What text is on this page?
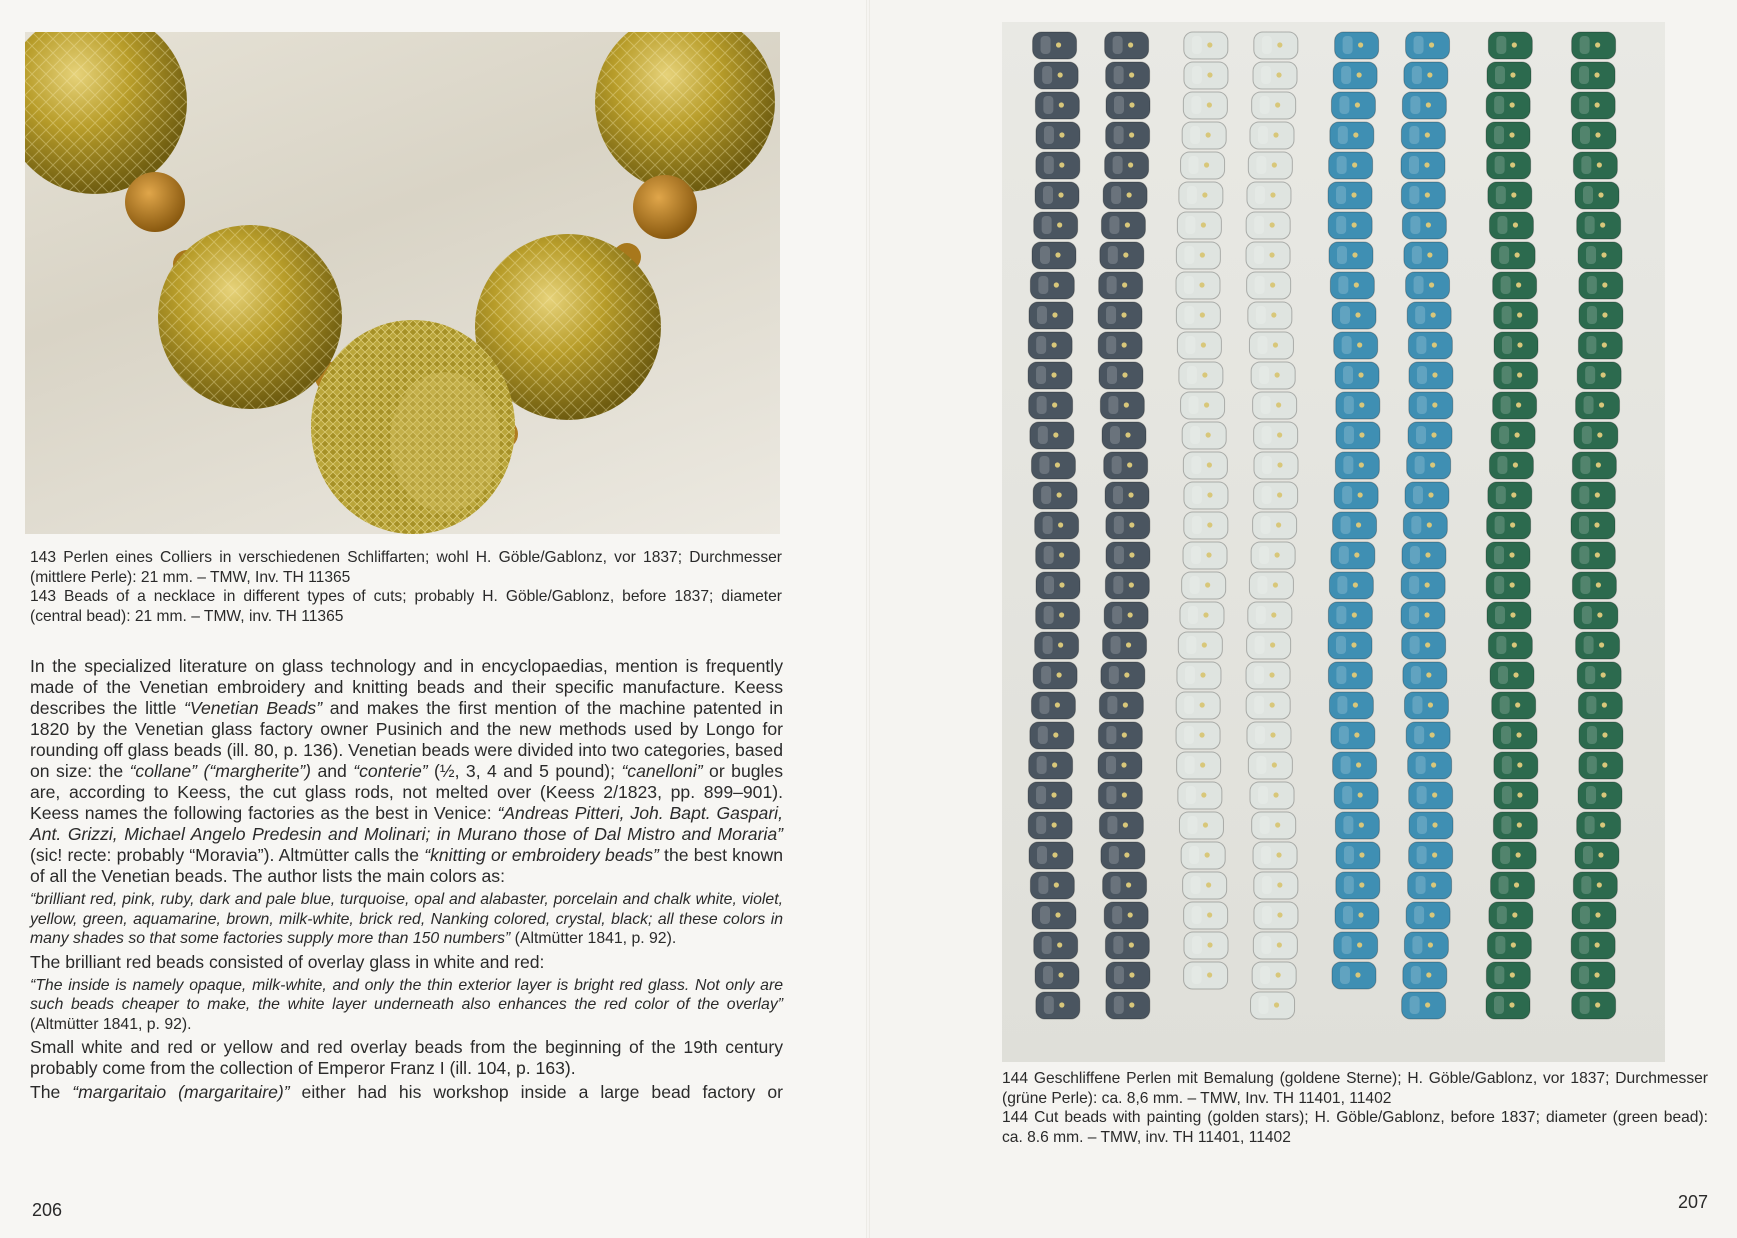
143 Perlen eines Colliers in verschiedenen Schliffarten; wohl H. Göble/Gablonz, vor 1837; Durchmesser (mittlere Perle): 21 mm. – TMW, Inv. TH 11365

143 Beads of a necklace in different types of cuts; probably H. Göble/Gablonz, before 1837; diameter (central bead): 21 mm. – TMW, inv. TH 11365

In the specialized literature on glass technology and in encyclopaedias, mention is frequently made of the Venetian embroidery and knitting beads and their specific manufacture. Keess describes the little “Venetian Beads” and makes the first mention of the machine patented in 1820 by the Venetian glass factory owner Pusinich and the new methods used by Longo for rounding off glass beads (ill. 80, p. 136). Venetian beads were divided into two categories, based on size: the “collane” (“margherite”) and “conterie” (½, 3, 4 and 5 pound); “canelloni” or bugles are, according to Keess, the cut glass rods, not melted over (Keess 2/1823, pp. 899–901). Keess names the following factories as the best in Venice: “Andreas Pitteri, Joh. Bapt. Gaspari, Ant. Grizzi, Michael Angelo Predesin and Molinari; in Murano those of Dal Mistro and Moraria” (sic! recte: probably “Moravia”). Altmütter calls the “knitting or embroidery beads” the best known of all the Venetian beads. The author lists the main colors as:

“brilliant red, pink, ruby, dark and pale blue, turquoise, opal and alabaster, porcelain and chalk white, violet, yellow, green, aquamarine, brown, milk-white, brick red, Nanking colored, crystal, black; all these colors in many shades so that some factories supply more than 150 numbers” (Altmütter 1841, p. 92).

The brilliant red beads consisted of overlay glass in white and red:

“The inside is namely opaque, milk-white, and only the thin exterior layer is bright red glass. Not only are such beads cheaper to make, the white layer underneath also enhances the red color of the overlay” (Altmütter 1841, p. 92).

Small white and red or yellow and red overlay beads from the beginning of the 19th century probably come from the collection of Emperor Franz I (ill. 104, p. 163).

The “margaritaio (margaritaire)” either had his workshop inside a large bead factory or

206

144 Geschliffene Perlen mit Bemalung (goldene Sterne); H. Göble/Gablonz, vor 1837; Durchmesser (grüne Perle): ca. 8,6 mm. – TMW, Inv. TH 11401, 11402

144 Cut beads with painting (golden stars); H. Göble/Gablonz, before 1837; diameter (green bead): ca. 8.6 mm. – TMW, inv. TH 11401, 11402

207
